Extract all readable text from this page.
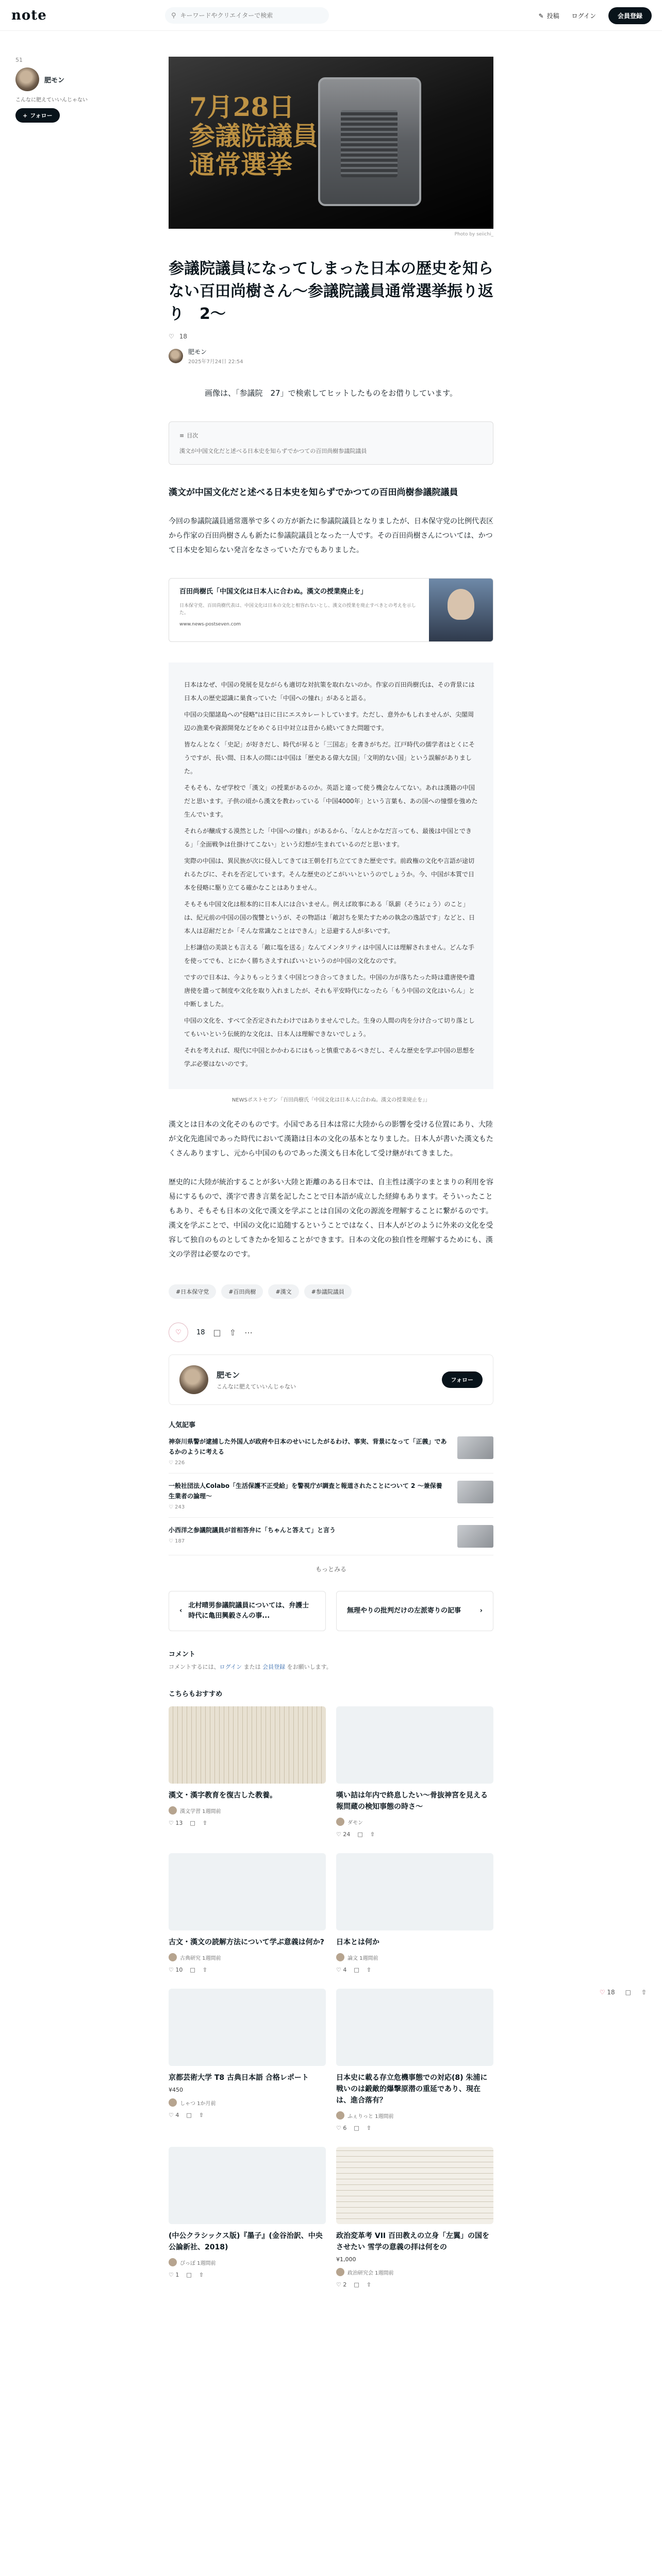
note	⚲
キーワードやクリエイターで検索	✎ 投稿 ログイン	会員登録
51
肥モン
こんなに肥えていいんじゃない
+ フォロー
♡ 18 □ ⇧
7月28日
参議院議員
通常選挙
Photo by seiichi_
参議院議員になってしまった日本の歴史を知らない百田尚樹さん〜参議院議員通常選挙振り返り　2〜
♡ 18
肥モン
2025年7月24日 22:54

画像は、「参議院　27」で検索してヒットしたものをお借りしています。

≡ 目次
漢文が中国文化だと述べる日本史を知らずでかつての百田尚樹参議院議員
漢文が中国文化だと述べる日本史を知らずでかつての百田尚樹参議院議員

今回の参議院議員通常選挙で多くの方が新たに参議院議員となりましたが、日本保守党の比例代表区から作家の百田尚樹さんも新たに参議院議員となった一人です。その百田尚樹さんについては、かつて日本史を知らない発言をなさっていた方でもありました。

百田尚樹氏「中国文化は日本人に合わぬ。漢文の授業廃止を」
日本保守党、百田尚樹代表は、中国文化は日本の文化と相容れないとし、漢文の授業を廃止すべきとの考えを示した。
www.news-postseven.com

日本はなぜ、中国の発展を見ながらも適切な対抗策を取れないのか。作家の百田尚樹氏は、その背景には日本人の歴史認識に巣食っていた「中国への憧れ」があると語る。

中国の尖閣諸島への"侵略"は日に日にエスカレートしています。ただし、意外かもしれませんが、尖閣周辺の漁業や資源開発などをめぐる日中対立は昔から続いてきた問題です。

皆なんとなく「史記」が好きだし、時代が昇ると「三国志」を書きがちだ。江戸時代の儒学者はとくにそうですが、長い間、日本人の間には中国は「歴史ある偉大な国」「文明的ない国」という誤解がありました。

そもそも、なぜ学校で「漢文」の授業があるのか。英語と違って使う機会なんてない。あれは漢籍の中国だと思います。子供の頃から漢文を教わっている「中国4000年」という言葉も、あの国への憧憬を強めた生んでいます。

それらが醸成する漠然とした「中国への憧れ」があるから、「なんとかなだ言っても、最後は中国とできる」「全面戦争は仕掛けてこない」という幻想が生まれているのだと思います。

実際の中国は、異民族が次に侵入してきては王朝を打ち立ててきた歴史です。前政権の文化や言語が途切れるたびに、それを否定しています。そんな歴史のどこがいいというのでしょうか。今、中国が本質で日本を侵略に駆り立てる確かなことはありません。

そもそも中国文化は根本的に日本人には合いません。例えば故事にある「臥薪（そうにょう）のこと」は、紀元前の中国の国の復讐というが、その物語は「敵討ちを果たすための執念の逸話です」などと、日本人は忍耐だとか「そんな常識なことはできん」と忌避する人が多いです。

上杉謙信の美談とも言える「敵に塩を送る」なんてメンタリティは中国人には理解されません。どんな手を使ってでも、とにかく勝ちさえすればいいというのが中国の文化なのです。

ですので日本は、今よりもっとうまく中国とつき合ってきました。中国の力が落ちたった時は遣唐使や遣唐使を遣って制度や文化を取り入れましたが、それも平安時代になったら「もう中国の文化はいらん」と中断しました。

中国の文化を、すべて全否定されたわけではありませんでした。生身の人間の肉を分け合って切り落としてもいいという伝統的な文化は、日本人は理解できないでしょう。

それを考えれば、現代に中国とかかわるにはもっと慎重であるべきだし、そんな歴史を学ぶ中国の思想を学ぶ必要はないのです。

NEWSポストセブン「百田尚樹氏「中国文化は日本人に合わぬ。漢文の授業廃止を」」

漢文とは日本の文化そのものです。小国である日本は常に大陸からの影響を受ける位置にあり、大陸が文化先進国であった時代において漢籍は日本の文化の基本となりました。日本人が書いた漢文もたくさんありますし、元から中国のものであった漢文も日本化して受け継がれてきました。

歴史的に大陸が統治することが多い大陸と距離のある日本では、自主性は漢字のまとまりの利用を容易にするもので、漢字で書き言葉を記したことで日本語が成立した経緯もあります。そういったこともあり、そもそも日本の文化で漢文を学ぶことは自国の文化の源流を理解することに繋がるのです。漢文を学ぶことで、中国の文化に追随するということではなく、日本人がどのように外来の文化を受容して独自のものとしてきたかを知ることができます。日本の文化の独自性を理解するためにも、漢文の学習は必要なのです。

#日本保守党	#百田尚樹	#漢文	#参議院議員
♡ 18 □ ⇧ ⋯
肥モン
こんなに肥えていいんじゃない
フォロー
人気記事
神奈川県警が逮捕した外国人が政府や日本のせいにしたがるわけ、事実、背景になって「正義」であるかのように考える
♡ 226
一般社団法人Colabo「生活保護不正受給」を警視庁が調査と報道されたことについて 2 〜兼保養生業者の論理〜
♡ 243
小西洋之参議院議員が首相答弁に「ちゃんと答えて」と言う
♡ 187
もっとみる
‹
北村晴男参議院議員については、弁護士時代に亀田興毅さんの事...
無理やりの批判だけの左派寄りの記事	›
コメント
コメントするには、ログイン または 会員登録 をお願いします。
こちらもおすすめ
漢文・漢字教育を復古した教養。
漢文学習 1週間前
♡ 13 □ ⇧
嘆い詰は年内で終息したい〜骨抜神宮を見える報問蔵の検知事態の時さ〜
ダモン
♡ 24 □ ⇧
古文・漢文の読解方法について学ぶ意義は何か?
古典研究 1週間前
♡ 10 □ ⇧
日本とは何か
論文 1週間前
♡ 4 □ ⇧
京都芸術大学 T8 古典日本語 合格レポート
¥450
しゃつ 1か月前
♡ 4 □ ⇧
日本史に載る存立危機事態での対応(8) 朱浦に戦いのは鍛敵的爆撃原潜の重延であり、現在は、進合落有？
ふぇりっと 1週間前
♡ 6 □ ⇧
(中公クラシックス版)『墨子』(金谷治訳、中央公論新社、2018)
ぴっぽ 1週間前
♡ 1 □ ⇧
政治変革考 VII 百田教えの立身「左翼」の国をさせたい 雪学の意義の拝は何をの
¥1,000
政治研究会 1週間前
♡ 2 □ ⇧
